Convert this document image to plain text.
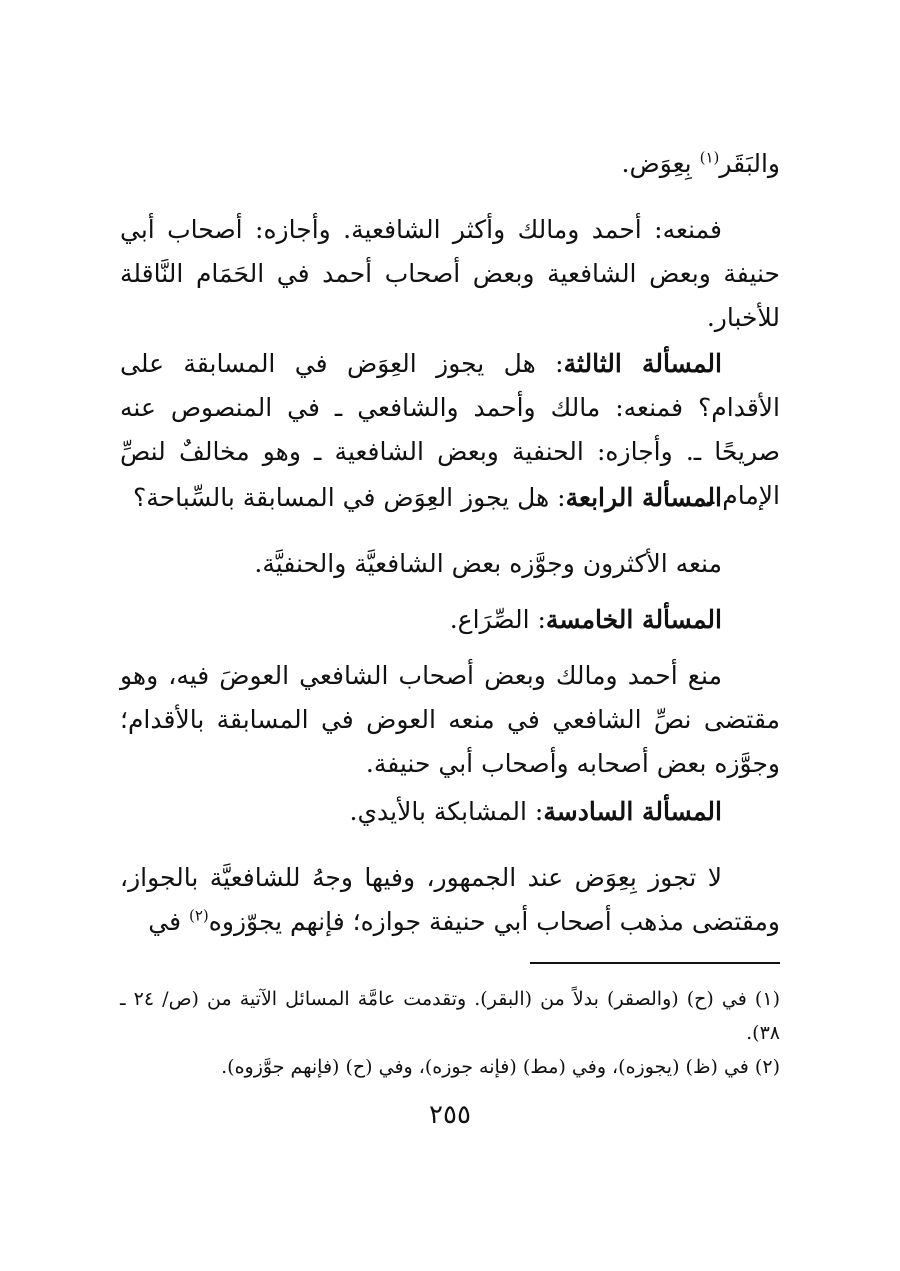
والبَقَر$^{(١)}$ بِعِوَض.

فمنعه: أحمد ومالك وأكثر الشافعية. وأجازه: أصحاب أبي حنيفة وبعض الشافعية وبعض أصحاب أحمد في الحَمَام النَّاقلة للأخبار.

المسألة الثالثة: هل يجوز العِوَض في المسابقة على الأقدام؟ فمنعه: مالك وأحمد والشافعي ـ في المنصوص عنه صريحًا ـ. وأجازه: الحنفية وبعض الشافعية ـ وهو مخالفٌ لنصِّ الإمام ـ.

المسألة الرابعة: هل يجوز العِوَض في المسابقة بالسِّباحة؟

منعه الأكثرون وجوَّزه بعض الشافعيَّة والحنفيَّة.

المسألة الخامسة: الصِّرَاع.

منع أحمد ومالك وبعض أصحاب الشافعي العوضَ فيه، وهو مقتضى نصِّ الشافعي في منعه العوض في المسابقة بالأقدام؛ وجوَّزه بعض أصحابه وأصحاب أبي حنيفة.

المسألة السادسة: المشابكة بالأيدي.

لا تجوز بِعِوَض عند الجمهور، وفيها وجهُ للشافعيَّة بالجواز، ومقتضى مذهب أصحاب أبي حنيفة جوازه؛ فإنهم يجوّزوه$^{(٢)}$ في

(١) في (ح) (والصقر) بدلاً من (البقر). وتقدمت عامَّة المسائل الآتية من (ص/ ٢٤ ـ ٣٨).

(٢) في (ظ) (يجوزه)، وفي (مط) (فإنه جوزه)، وفي (ح) (فإنهم جوَّزوه).

٢٥٥
